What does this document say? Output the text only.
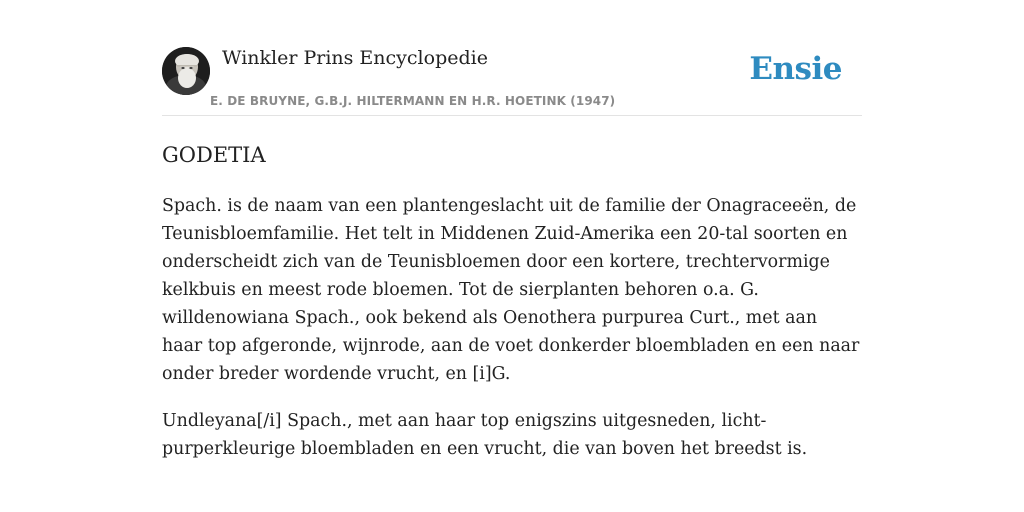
Winkler Prins Encyclopedie
E. DE BRUYNE, G.B.J. HILTERMANN EN H.R. HOETINK (1947)
Ensie
GODETIA

Spach. is de naam van een plantengeslacht uit de familie der Onagraceeën, de Teunisbloemfamilie. Het telt in Middenen Zuid-Amerika een 20-tal soorten en onderscheidt zich van de Teunisbloemen door een kortere, trechtervormige kelkbuis en meest rode bloemen. Tot de sierplanten behoren o.a. G. willdenowiana Spach., ook bekend als Oenothera purpurea Curt., met aan haar top afgeronde, wijnrode, aan de voet donkerder bloembladen en een naar onder breder wordende vrucht, en [i]G.

Undleyana[/i] Spach., met aan haar top enigszins uitgesneden, licht-purperkleurige bloembladen en een vrucht, die van boven het breedst is.
